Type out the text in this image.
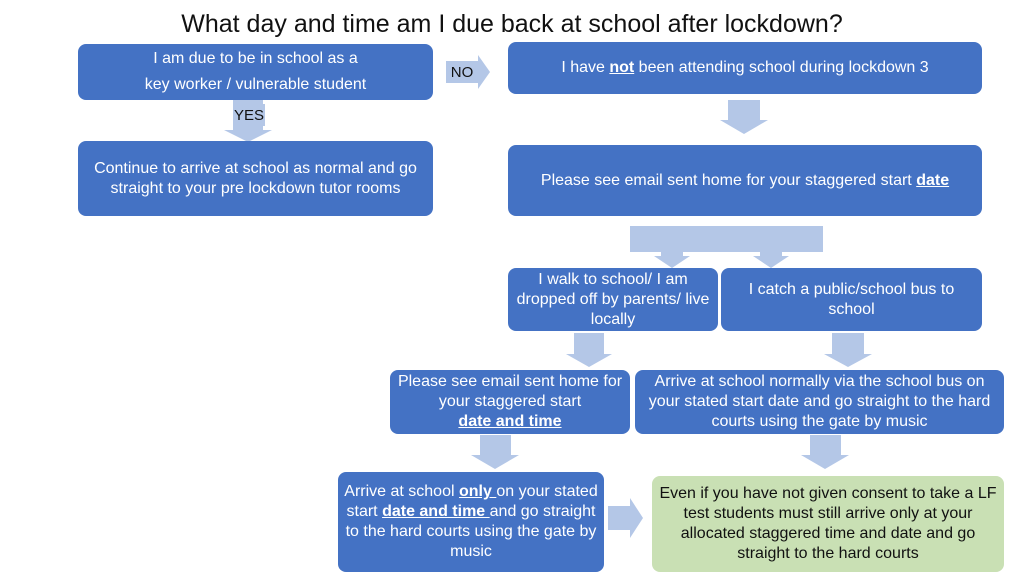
What day and time am I due back at school after lockdown?
NO
YES
I am due to be in school as a
key worker / vulnerable student
Continue to arrive at school as normal and go straight to your pre lockdown tutor rooms
I have not been attending school during lockdown 3
Please see email sent home for your staggered start date
I walk to school/ I am dropped off by parents/ live locally
I catch a public/school bus to school
Please see email sent home for your staggered start
date and time
Arrive at school normally via the school bus on your stated start date and go straight to the hard courts using the gate by music
Arrive at school only on your stated start date and time and go straight to the hard courts using the gate by music
Even if you have not given consent to take a LF test students must still arrive only at your allocated staggered time and date and go straight to the hard courts
